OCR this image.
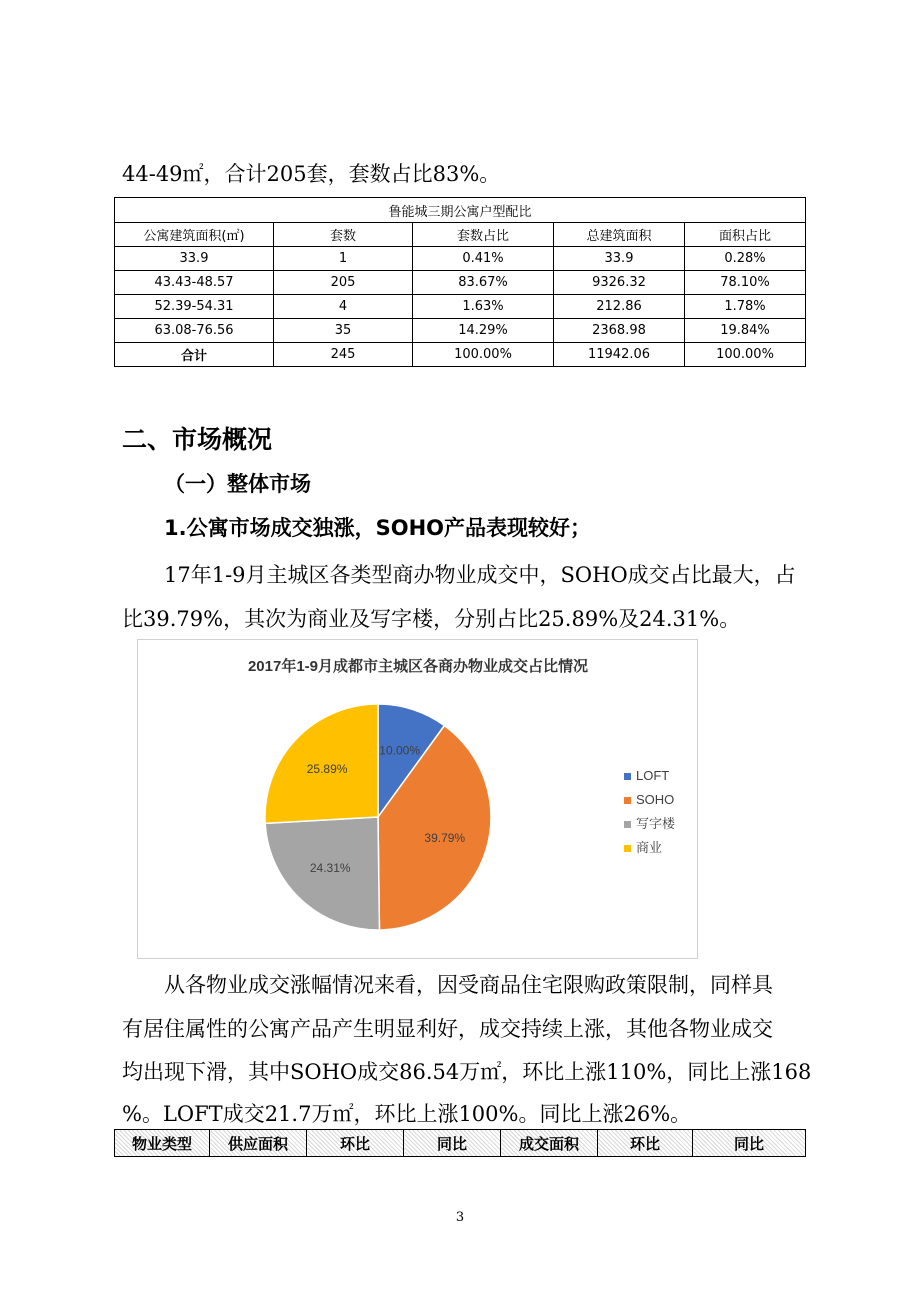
44-49㎡，合计205套，套数占比83%。
鲁能城三期公寓户型配比				
公寓建筑面积(㎡)	套数	套数占比	总建筑面积	面积占比
33.9	1	0.41%	33.9	0.28%
43.43-48.57	205	83.67%	9326.32	78.10%
52.39-54.31	4	1.63%	212.86	1.78%
63.08-76.56	35	14.29%	2368.98	19.84%
合计	245	100.00%	11942.06	100.00%
二、市场概况
（一）整体市场
1.公寓市场成交独涨，SOHO产品表现较好；
17年1-9月主城区各类型商办物业成交中，SOHO成交占比最大，占
比39.79%，其次为商业及写字楼，分别占比25.89%及24.31%。
2017年1-9月成都市主城区各商办物业成交占比情况
10.00%
39.79%
24.31%
25.89%	LOFT
SOHO
写字楼
商业
从各物业成交涨幅情况来看，因受商品住宅限购政策限制，同样具
有居住属性的公寓产品产生明显利好，成交持续上涨，其他各物业成交
均出现下滑，其中SOHO成交86.54万㎡，环比上涨110%，同比上涨168
%。LOFT成交21.7万㎡，环比上涨100%。同比上涨26%。
物业类型	供应面积	环比	同比	成交面积	环比	同比
3
